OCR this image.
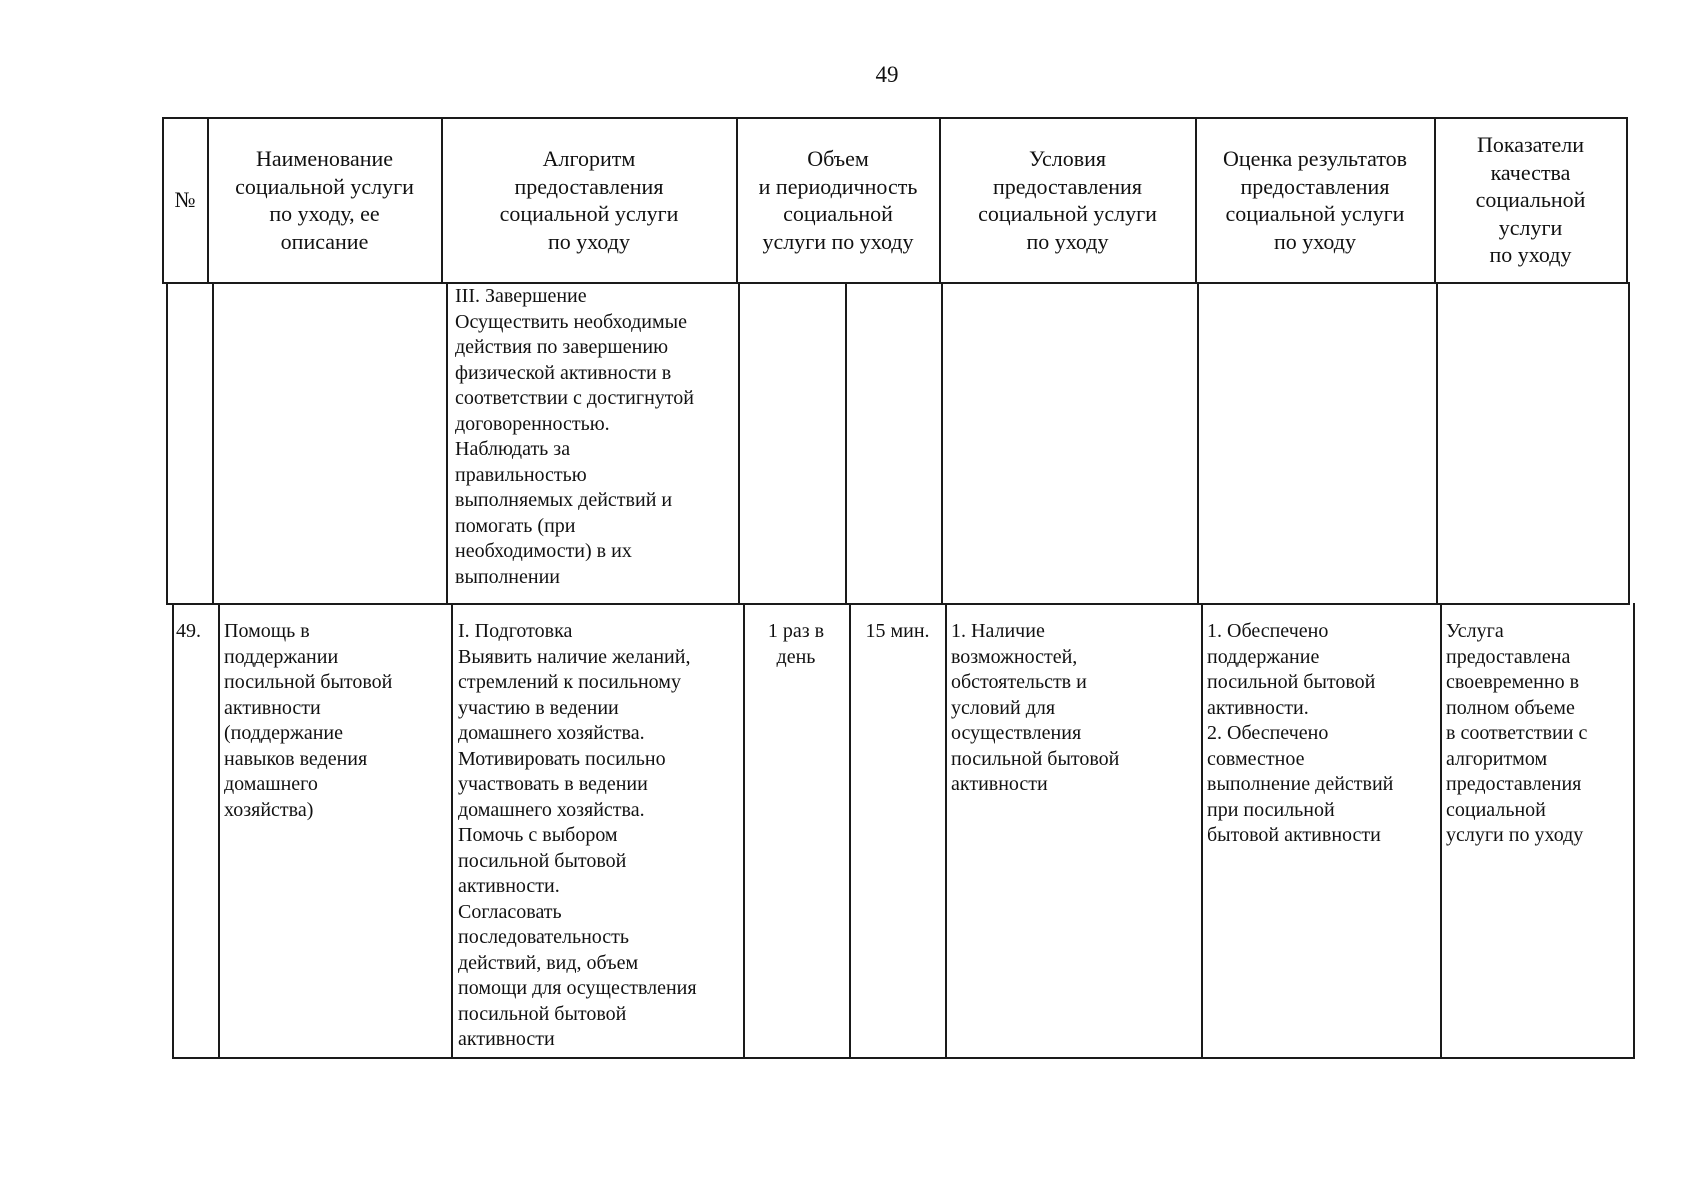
49
№
Наименование
социальной услуги
по уходу, ее
описание
Алгоритм
предоставления
социальной услуги
по уходу
Объем
и периодичность
социальной
услуги по уходу
Условия
предоставления
социальной услуги
по уходу
Оценка результатов
предоставления
социальной услуги
по уходу
Показатели
качества
социальной
услуги
по уходу
III. Завершение
Осуществить необходимые
действия по завершению
физической активности в
соответствии с достигнутой
договоренностью.
Наблюдать за
правильностью
выполняемых действий и
помогать (при
необходимости) в их
выполнении
49.	Помощь в
поддержании
посильной бытовой
активности
(поддержание
навыков ведения
домашнего
хозяйства)
I. Подготовка
Выявить наличие желаний,
стремлений к посильному
участию в ведении
домашнего хозяйства.
Мотивировать посильно
участвовать в ведении
домашнего хозяйства.
Помочь с выбором
посильной бытовой
активности.
Согласовать
последовательность
действий, вид, объем
помощи для осуществления
посильной бытовой
активности
1 раз в
день
15 мин.	1. Наличие
возможностей,
обстоятельств и
условий для
осуществления
посильной бытовой
активности
1. Обеспечено
поддержание
посильной бытовой
активности.
2. Обеспечено
совместное
выполнение действий
при посильной
бытовой активности
Услуга
предоставлена
своевременно в
полном объеме
в соответствии с
алгоритмом
предоставления
социальной
услуги по уходу
